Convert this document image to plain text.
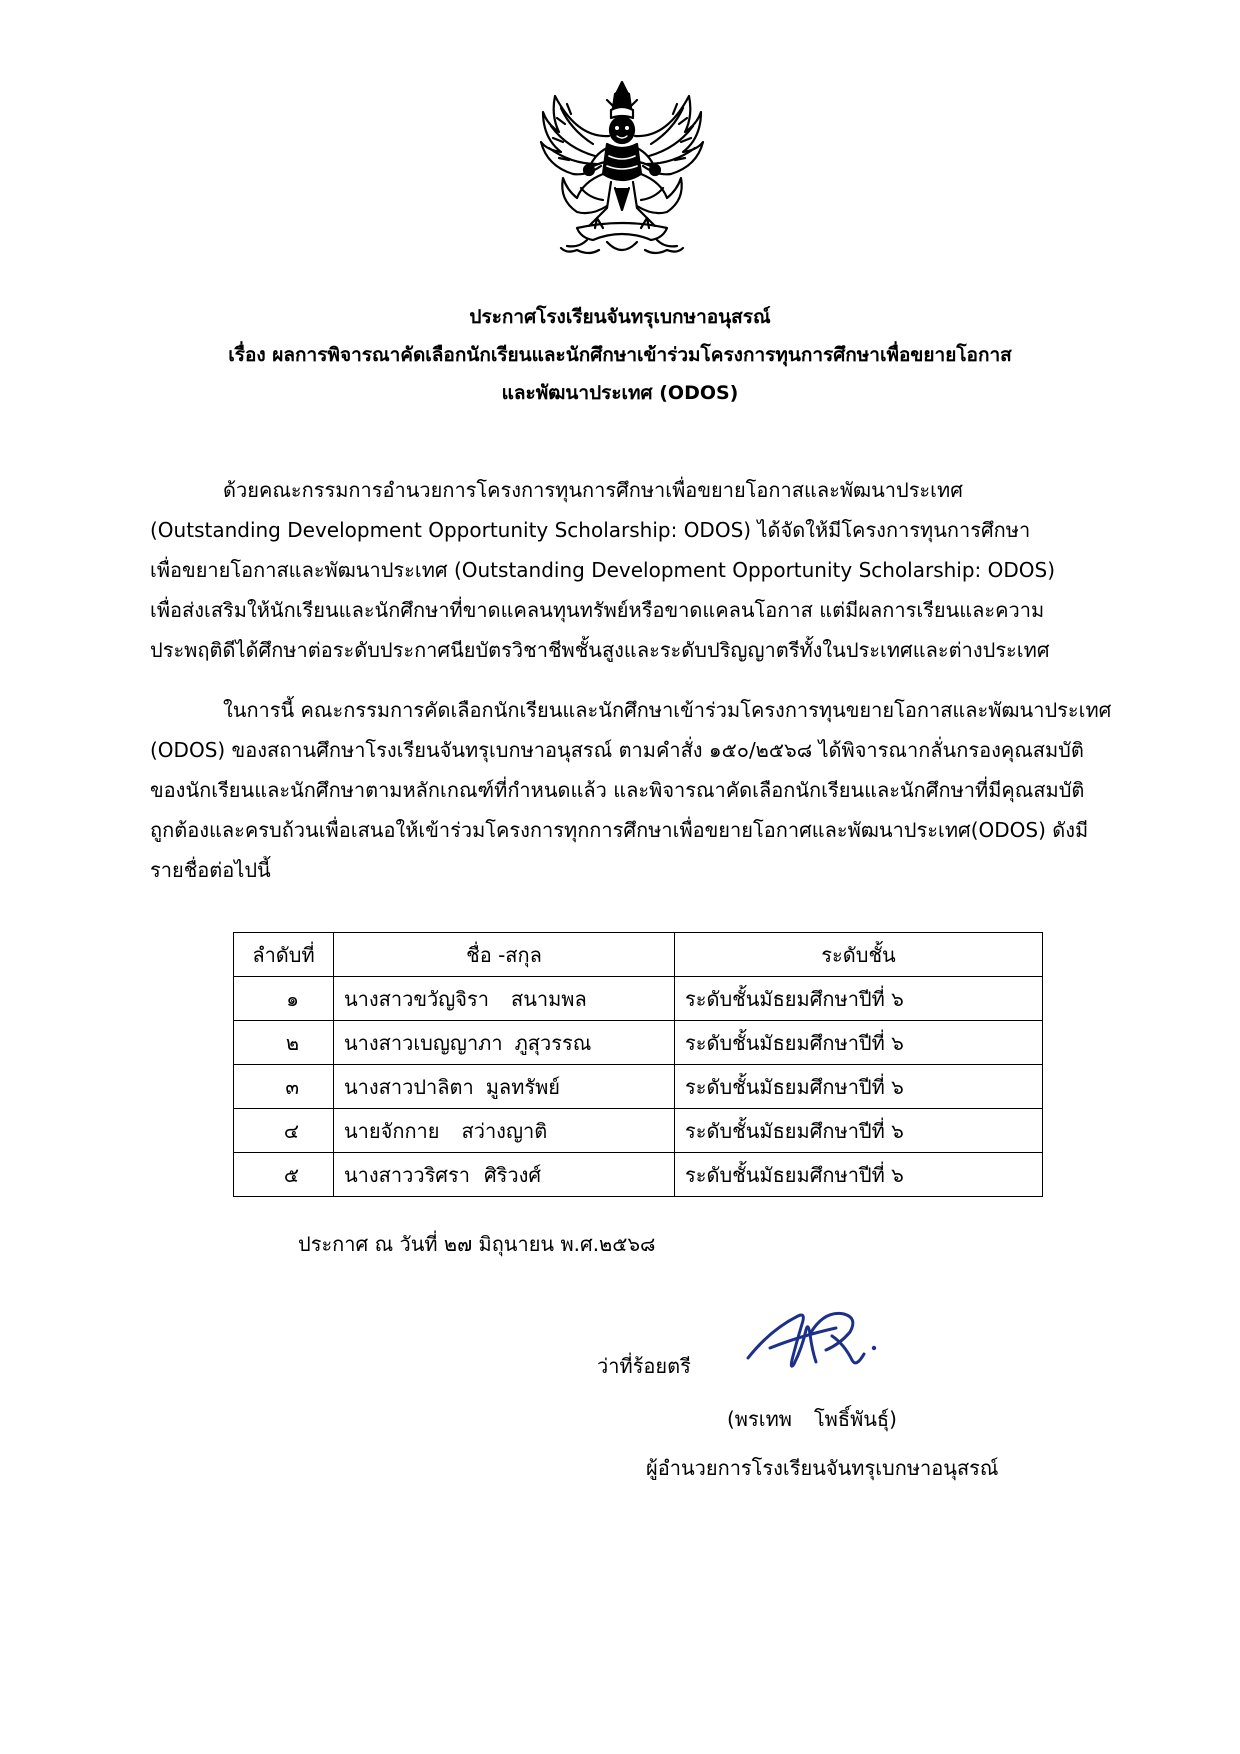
ประกาศโรงเรียนจันทรุเบกษาอนุสรณ์
เรื่อง ผลการพิจารณาคัดเลือกนักเรียนและนักศึกษาเข้าร่วมโครงการทุนการศึกษาเพื่อขยายโอกาส
และพัฒนาประเทศ (ODOS)
ด้วยคณะกรรมการอำนวยการโครงการทุนการศึกษาเพื่อขยายโอกาสและพัฒนาประเทศ
(Outstanding Development Opportunity Scholarship: ODOS) ได้จัดให้มีโครงการทุนการศึกษา
เพื่อขยายโอกาสและพัฒนาประเทศ (Outstanding Development Opportunity Scholarship: ODOS)
เพื่อส่งเสริมให้นักเรียนและนักศึกษาที่ขาดแคลนทุนทรัพย์หรือขาดแคลนโอกาส แต่มีผลการเรียนและความ
ประพฤติดีได้ศึกษาต่อระดับประกาศนียบัตรวิชาชีพชั้นสูงและระดับปริญญาตรีทั้งในประเทศและต่างประเทศ
ในการนี้ คณะกรรมการคัดเลือกนักเรียนและนักศึกษาเข้าร่วมโครงการทุนขยายโอกาสและพัฒนาประเทศ
(ODOS) ของสถานศึกษาโรงเรียนจันทรุเบกษาอนุสรณ์ ตามคำสั่ง ๑๕๐/๒๕๖๘ ได้พิจารณากลั่นกรองคุณสมบัติ
ของนักเรียนและนักศึกษาตามหลักเกณฑ์ที่กำหนดแล้ว และพิจารณาคัดเลือกนักเรียนและนักศึกษาที่มีคุณสมบัติ
ถูกต้องและครบถ้วนเพื่อเสนอให้เข้าร่วมโครงการทุกการศึกษาเพื่อขยายโอกาศและพัฒนาประเทศ(ODOS) ดังมี
รายชื่อต่อไปนี้
ลำดับที่	ชื่อ -สกุล	ระดับชั้น
๑	นางสาวขวัญจิรา สนามพล	ระดับชั้นมัธยมศึกษาปีที่ ๖
๒	นางสาวเบญญาภา ภูสุวรรณ	ระดับชั้นมัธยมศึกษาปีที่ ๖
๓	นางสาวปาลิตา มูลทรัพย์	ระดับชั้นมัธยมศึกษาปีที่ ๖
๔	นายจักกาย สว่างญาติ	ระดับชั้นมัธยมศึกษาปีที่ ๖
๕	นางสาววริศรา ศิริวงศ์	ระดับชั้นมัธยมศึกษาปีที่ ๖
ประกาศ ณ วันที่ ๒๗ มิถุนายน พ.ศ.๒๕๖๘
ว่าที่ร้อยตรี
(พรเทพ โพธิ์พันธุ์)
ผู้อำนวยการโรงเรียนจันทรุเบกษาอนุสรณ์
